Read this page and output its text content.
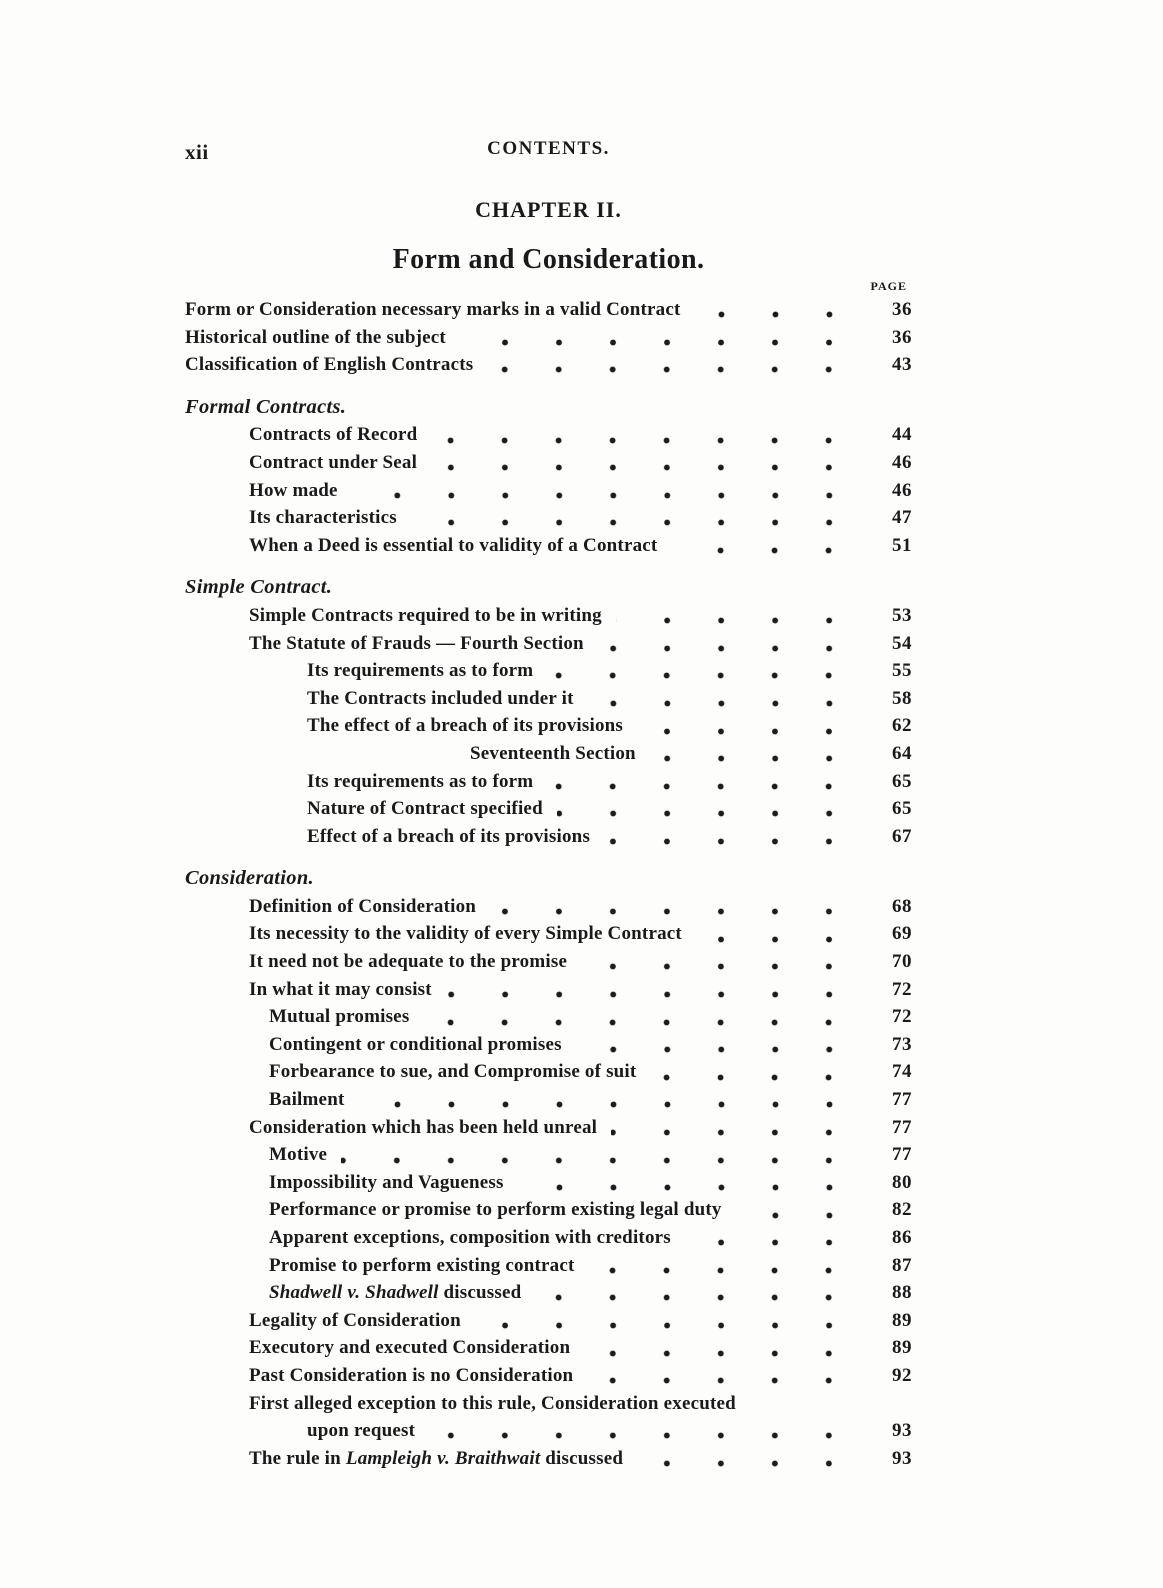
xii	CONTENTS.
CHAPTER II.
Form and Consideration.
PAGE
Form or Consideration necessary marks in a valid Contract	36
Historical outline of the subject	36
Classification of English Contracts	43
Formal Contracts.
Contracts of Record	44
Contract under Seal	46
How made	46
Its characteristics	47
When a Deed is essential to validity of a Contract	51
Simple Contract.
Simple Contracts required to be in writing	53
The Statute of Frauds — Fourth Section	54
Its requirements as to form	55
The Contracts included under it	58
The effect of a breach of its provisions	62
Seventeenth Section	64
Its requirements as to form	65
Nature of Contract specified	65
Effect of a breach of its provisions	67
Consideration.
Definition of Consideration	68
Its necessity to the validity of every Simple Contract	69
It need not be adequate to the promise	70
In what it may consist	72
Mutual promises	72
Contingent or conditional promises	73
Forbearance to sue, and Compromise of suit	74
Bailment	77
Consideration which has been held unreal	77
Motive	77
Impossibility and Vagueness	80
Performance or promise to perform existing legal duty	82
Apparent exceptions, composition with creditors	86
Promise to perform existing contract	87
Shadwell v. Shadwell discussed	88
Legality of Consideration	89
Executory and executed Consideration	89
Past Consideration is no Consideration	92
First alleged exception to this rule, Consideration executed
upon request	93
The rule in Lampleigh v. Braithwait discussed	93
